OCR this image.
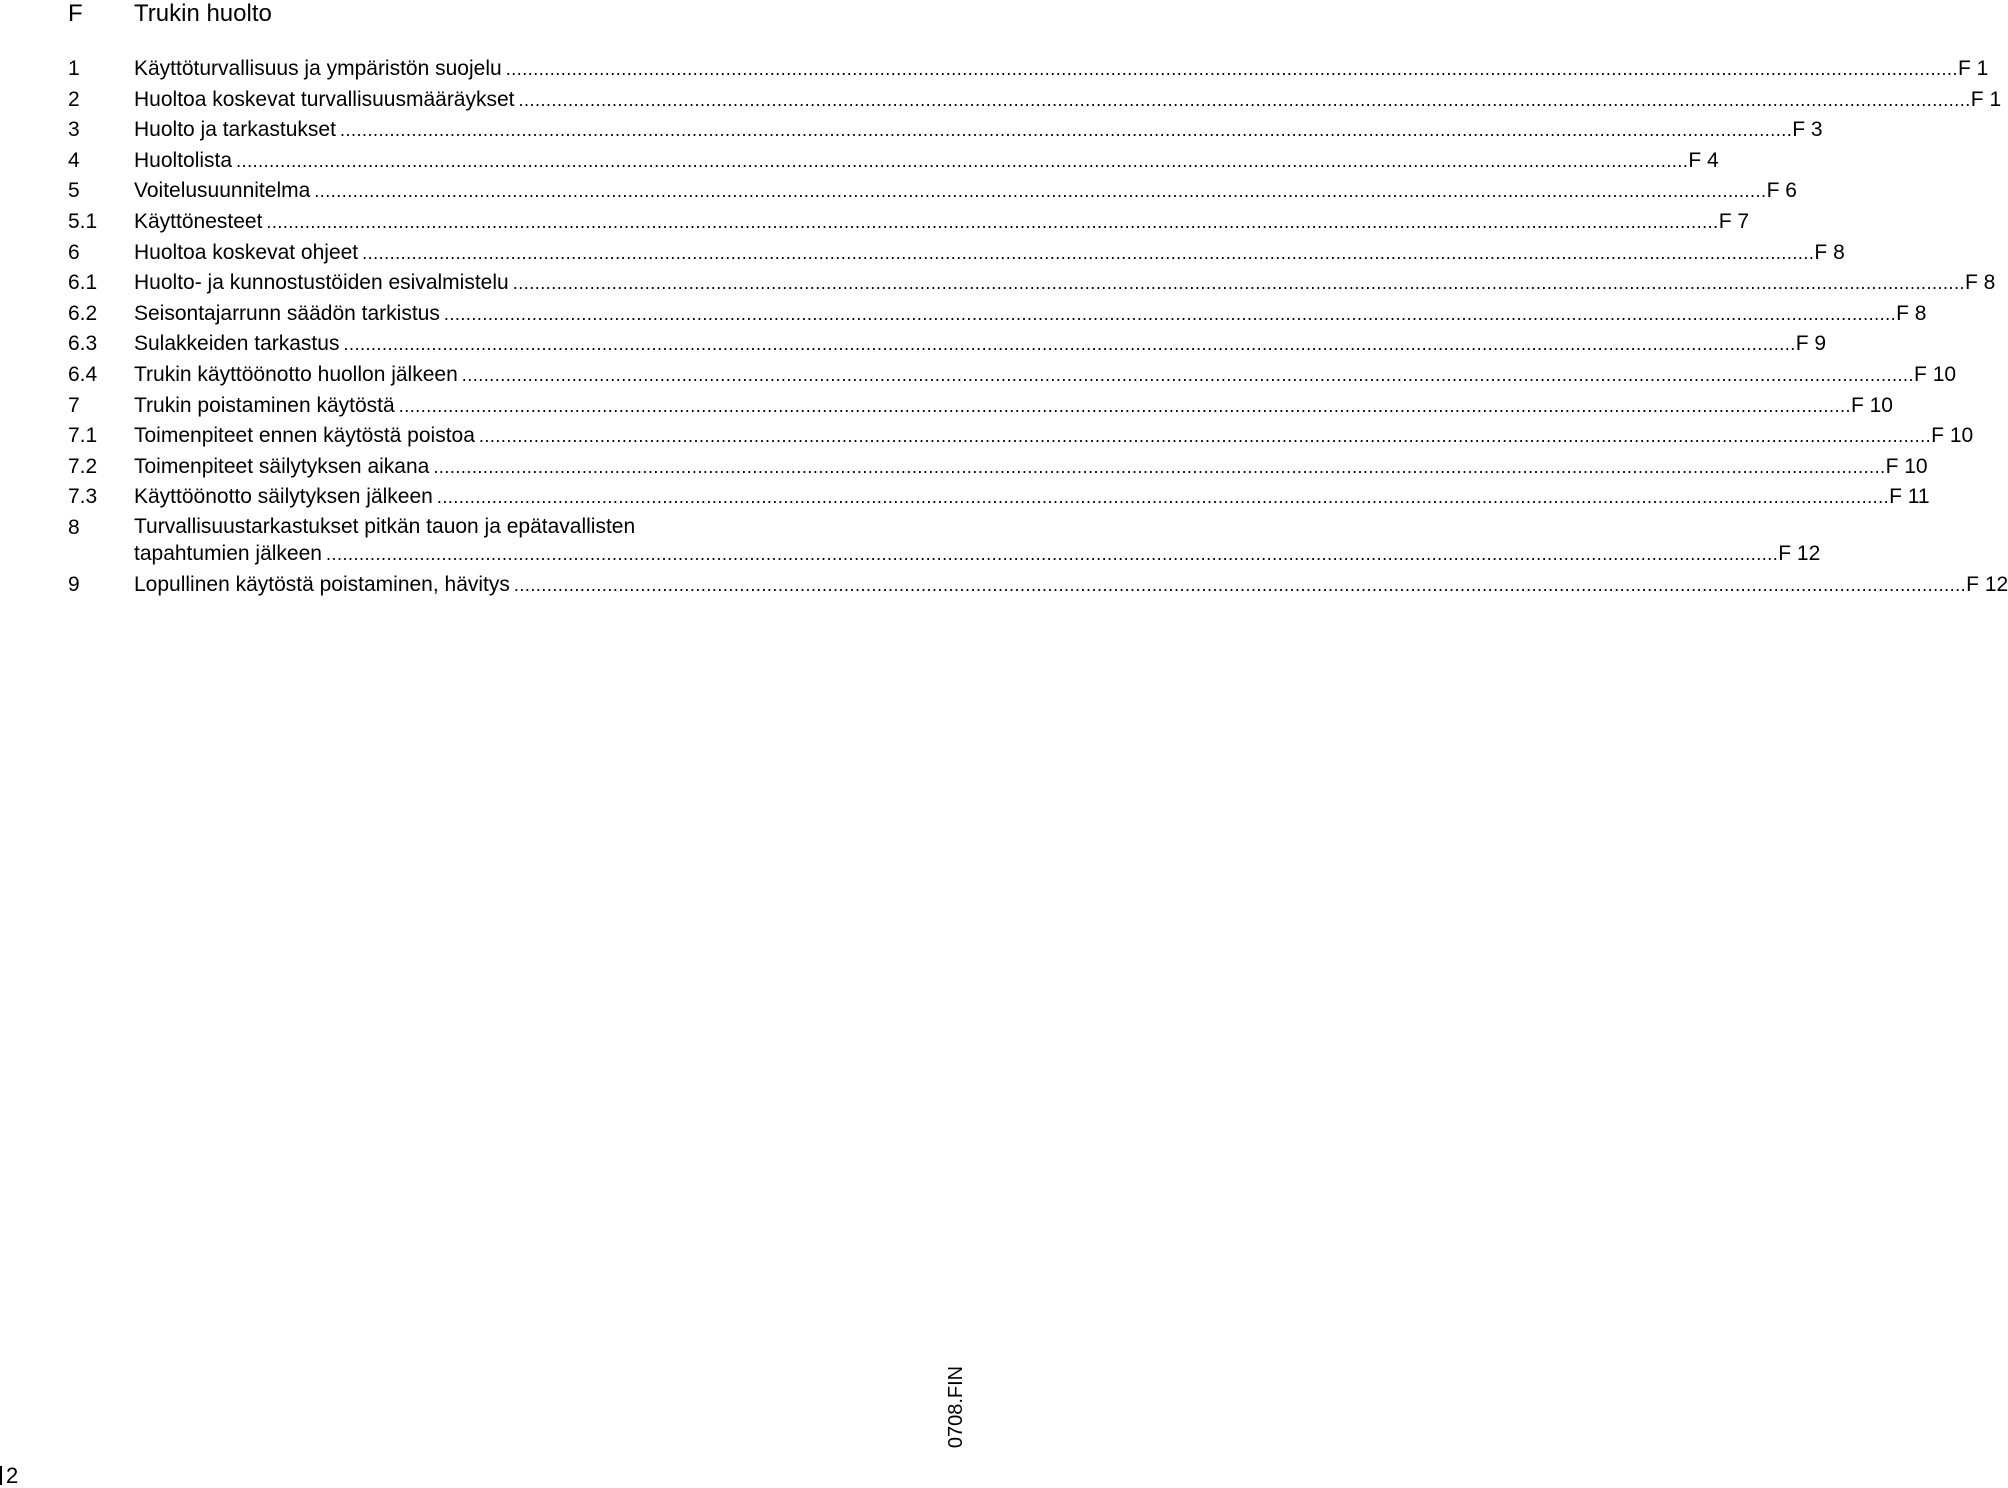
F Trukin huolto
1	Käyttöturvallisuus ja ympäristön suojelu .....	F 1
2	Huoltoa koskevat turvallisuusmääräykset .....	F 1
3	Huolto ja tarkastukset .....	F 3
4	Huoltolista .....	F 4
5	Voitelusuunnitelma .....	F 6
5.1 Käyttönesteet .....	F 7
6	Huoltoa koskevat ohjeet .....	F 8
6.1 Huolto- ja kunnostustöiden esivalmistelu .....	F 8
6.2 Seisontajarrunn säädön tarkistus .....	F 8
6.3 Sulakkeiden tarkastus .....	F 9
6.4 Trukin käyttöönotto huollon jälkeen .....	F 10
7	Trukin poistaminen käytöstä .....	F 10
7.1 Toimenpiteet ennen käytöstä poistoa .....	F 10
7.2 Toimenpiteet säilytyksen aikana .....	F 10
7.3 Käyttöönotto säilytyksen jälkeen .....	F 11
8	Turvallisuustarkastukset pitkän tauon ja epätavallisten
tapahtumien jälkeen .....	F 12
9	Lopullinen käytöstä poistaminen, hävitys .....	F 12
2
0708.FIN
